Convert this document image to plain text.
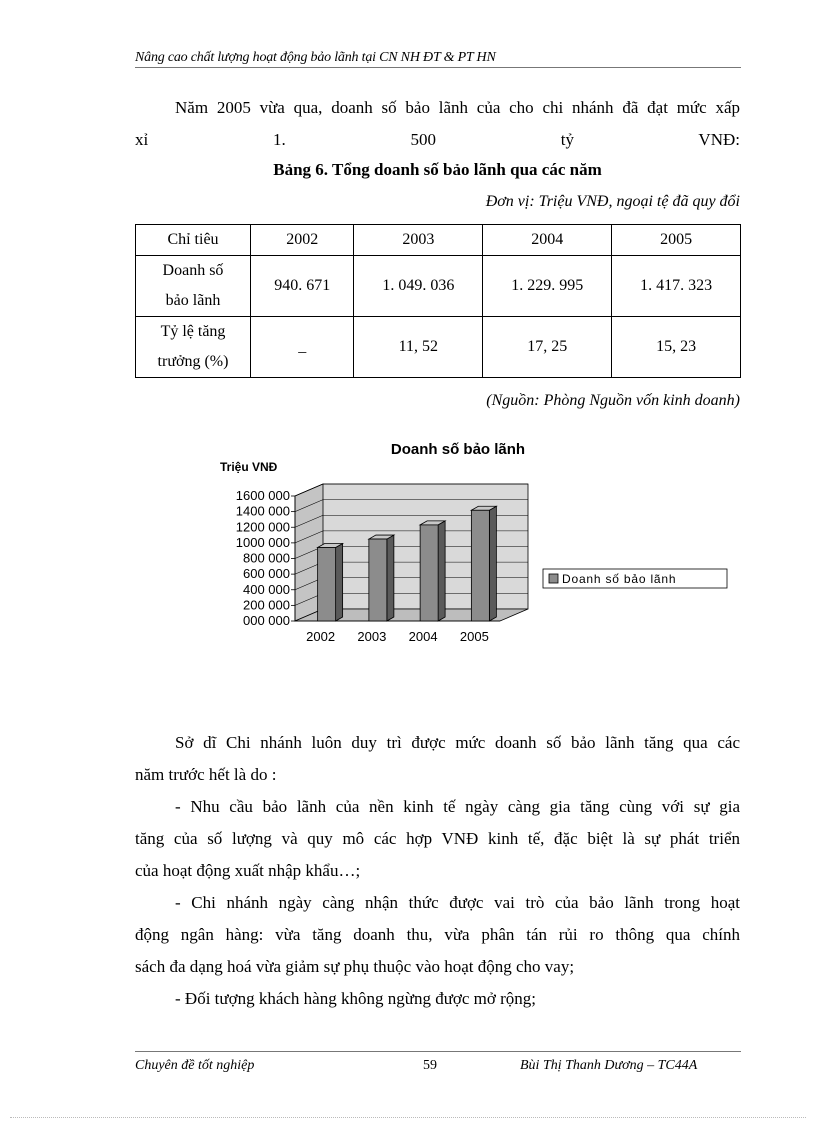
Nâng cao chất lượng hoạt động bảo lãnh tại CN NH ĐT & PT HN
Năm 2005 vừa qua, doanh số bảo lãnh của cho chi nhánh đã đạt mức xấp
xỉ 1. 500 tỷ VNĐ:
Bảng 6. Tổng doanh số bảo lãnh qua các năm
Đơn vị: Triệu VNĐ, ngoại tệ đã quy đổi
Chỉ tiêu	2002	2003	2004	2005

Doanh số
bảo lãnh	940. 671	1. 049. 036	1. 229. 995	1. 417. 323

Tỷ lệ tăng
trưởng (%)	_	11, 52	17, 25	15, 23
(Nguồn: Phòng Nguồn vốn kinh doanh)
Doanh số bảo lãnh
Triệu VNĐ
000 000
200 000
400 000
600 000
800 000
1000 000
1200 000
1400 000
1600 000
2002 2003 2004 2005
Doanh số bảo lãnh
Sở dĩ Chi nhánh luôn duy trì được mức doanh số bảo lãnh tăng qua các
năm trước hết là do :
- Nhu cầu bảo lãnh của nền kinh tế ngày càng gia tăng cùng với sự gia
tăng của số lượng và quy mô các hợp VNĐ kinh tế, đặc biệt là sự phát triển
của hoạt động xuất nhập khẩu…;
- Chi nhánh ngày càng nhận thức được vai trò của bảo lãnh trong hoạt
động ngân hàng: vừa tăng doanh thu, vừa phân tán rủi ro thông qua chính
sách đa dạng hoá vừa giảm sự phụ thuộc vào hoạt động cho vay;
- Đối tượng khách hàng không ngừng được mở rộng;
Chuyên đề tốt nghiệp	59	Bùi Thị Thanh Dương – TC44A
